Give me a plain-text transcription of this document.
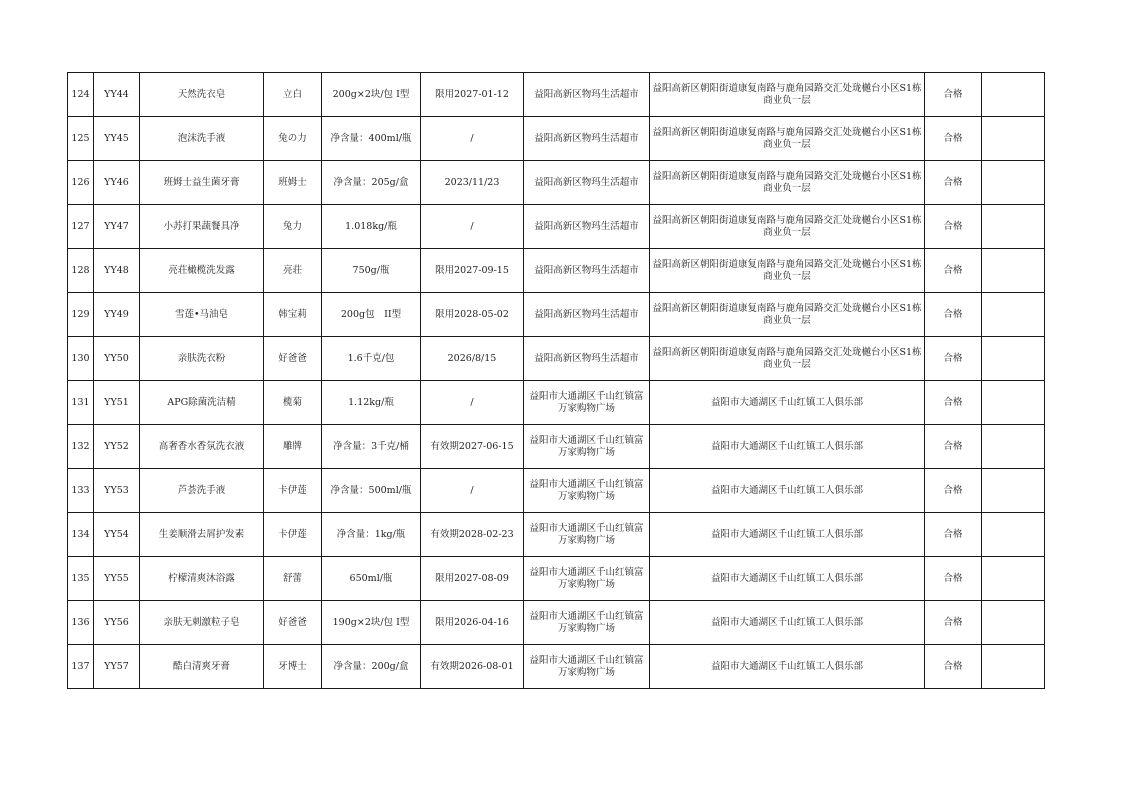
124	YY44	天然洗衣皂	立白	200g×2块/包 I型	限用2027-01-12	益阳高新区物玛生活超市	益阳高新区朝阳街道康复南路与鹿角园路交汇处珑樾台小区S1栋商业负一层	合格	
125	YY45	泡沫洗手液	兔の力	净含量：400ml/瓶	/	益阳高新区物玛生活超市	益阳高新区朝阳街道康复南路与鹿角园路交汇处珑樾台小区S1栋商业负一层	合格	
126	YY46	班姆士益生菌牙膏	班姆士	净含量：205g/盒	2023/11/23	益阳高新区物玛生活超市	益阳高新区朝阳街道康复南路与鹿角园路交汇处珑樾台小区S1栋商业负一层	合格	
127	YY47	小苏打果蔬餐具净	兔力	1.018kg/瓶	/	益阳高新区物玛生活超市	益阳高新区朝阳街道康复南路与鹿角园路交汇处珑樾台小区S1栋商业负一层	合格	
128	YY48	亮荘橄榄洗发露	亮荘	750g/瓶	限用2027-09-15	益阳高新区物玛生活超市	益阳高新区朝阳街道康复南路与鹿角园路交汇处珑樾台小区S1栋商业负一层	合格	
129	YY49	雪莲•马油皂	韩宝莉	200g包　II型	限用2028-05-02	益阳高新区物玛生活超市	益阳高新区朝阳街道康复南路与鹿角园路交汇处珑樾台小区S1栋商业负一层	合格	
130	YY50	亲肤洗衣粉	好爸爸	1.6千克/包	2026/8/15	益阳高新区物玛生活超市	益阳高新区朝阳街道康复南路与鹿角园路交汇处珑樾台小区S1栋商业负一层	合格	
131	YY51	APG除菌洗洁精	榄菊	1.12kg/瓶	/	益阳市大通湖区千山红镇富万家购物广场	益阳市大通湖区千山红镇工人俱乐部	合格	
132	YY52	高奢香水香氛洗衣液	雕牌	净含量：3千克/桶	有效期2027-06-15	益阳市大通湖区千山红镇富万家购物广场	益阳市大通湖区千山红镇工人俱乐部	合格	
133	YY53	芦荟洗手液	卡伊莲	净含量：500ml/瓶	/	益阳市大通湖区千山红镇富万家购物广场	益阳市大通湖区千山红镇工人俱乐部	合格	
134	YY54	生姜顺滑去屑护发素	卡伊莲	净含量：1kg/瓶	有效期2028-02-23	益阳市大通湖区千山红镇富万家购物广场	益阳市大通湖区千山红镇工人俱乐部	合格	
135	YY55	柠檬清爽沐浴露	舒蕾	650ml/瓶	限用2027-08-09	益阳市大通湖区千山红镇富万家购物广场	益阳市大通湖区千山红镇工人俱乐部	合格	
136	YY56	亲肤无刺激粒子皂	好爸爸	190g×2块/包 I型	限用2026-04-16	益阳市大通湖区千山红镇富万家购物广场	益阳市大通湖区千山红镇工人俱乐部	合格	
137	YY57	酷白清爽牙膏	牙博士	净含量：200g/盒	有效期2026-08-01	益阳市大通湖区千山红镇富万家购物广场	益阳市大通湖区千山红镇工人俱乐部	合格	
